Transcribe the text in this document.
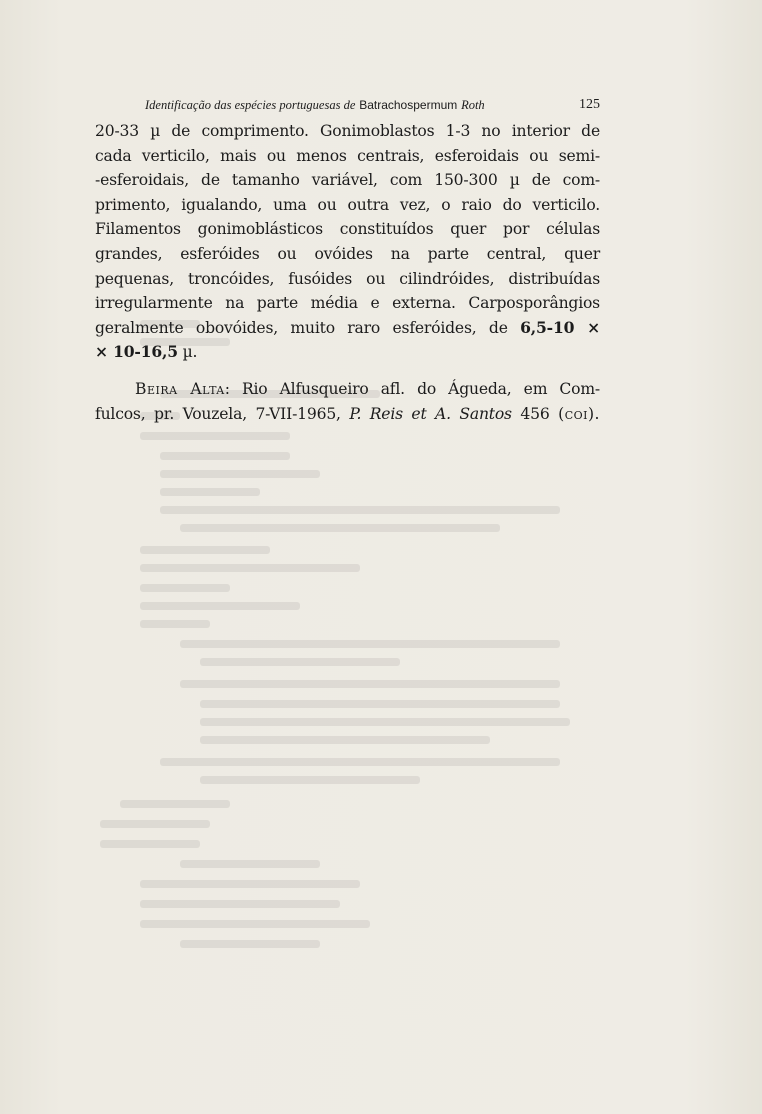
Identificação das espécies portuguesas de Batrachospermum Roth	125
20-33 µ de comprimento. Gonimoblastos 1-3 no interior de
cada verticilo, mais ou menos centrais, esferoidais ou semi-
-esferoidais, de tamanho variável, com 150-300 µ de com-
primento, igualando, uma ou outra vez, o raio do verticilo.
Filamentos gonimoblásticos constituídos quer por células
grandes, esferóides ou ovóides na parte central, quer
pequenas, troncóides, fusóides ou cilindróides, distribuídas
irregularmente na parte média e externa. Carposporângios
geralmente obovóides, muito raro esferóides, de 6,5-10 ×
× 10-16,5 µ.
Beira Alta: Rio Alfusqueiro afl. do Águeda, em Com-
fulcos, pr. Vouzela, 7-VII-1965, P. Reis et A. Santos 456 (coi).
